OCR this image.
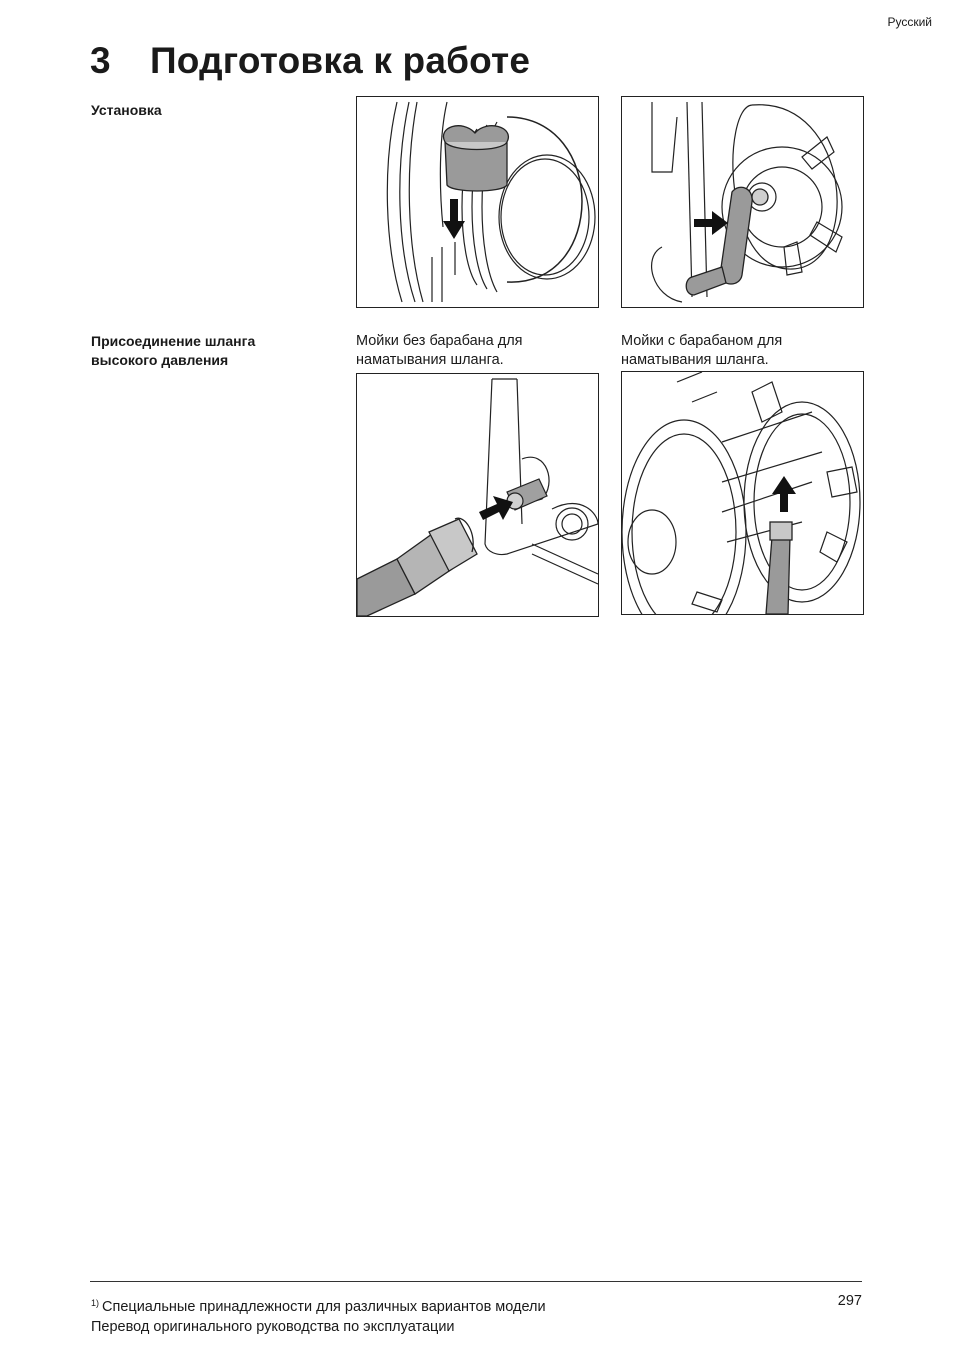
Русский
3 Подготовка к работе
Установка
Присоединение шланга высокого давления
Мойки без барабана для наматывания шланга.
Мойки с барабаном для наматывания шланга.
$^{1)}$ Специальные принадлежности для различных вариантов модели
Перевод оригинального руководства по эксплуатации
297
